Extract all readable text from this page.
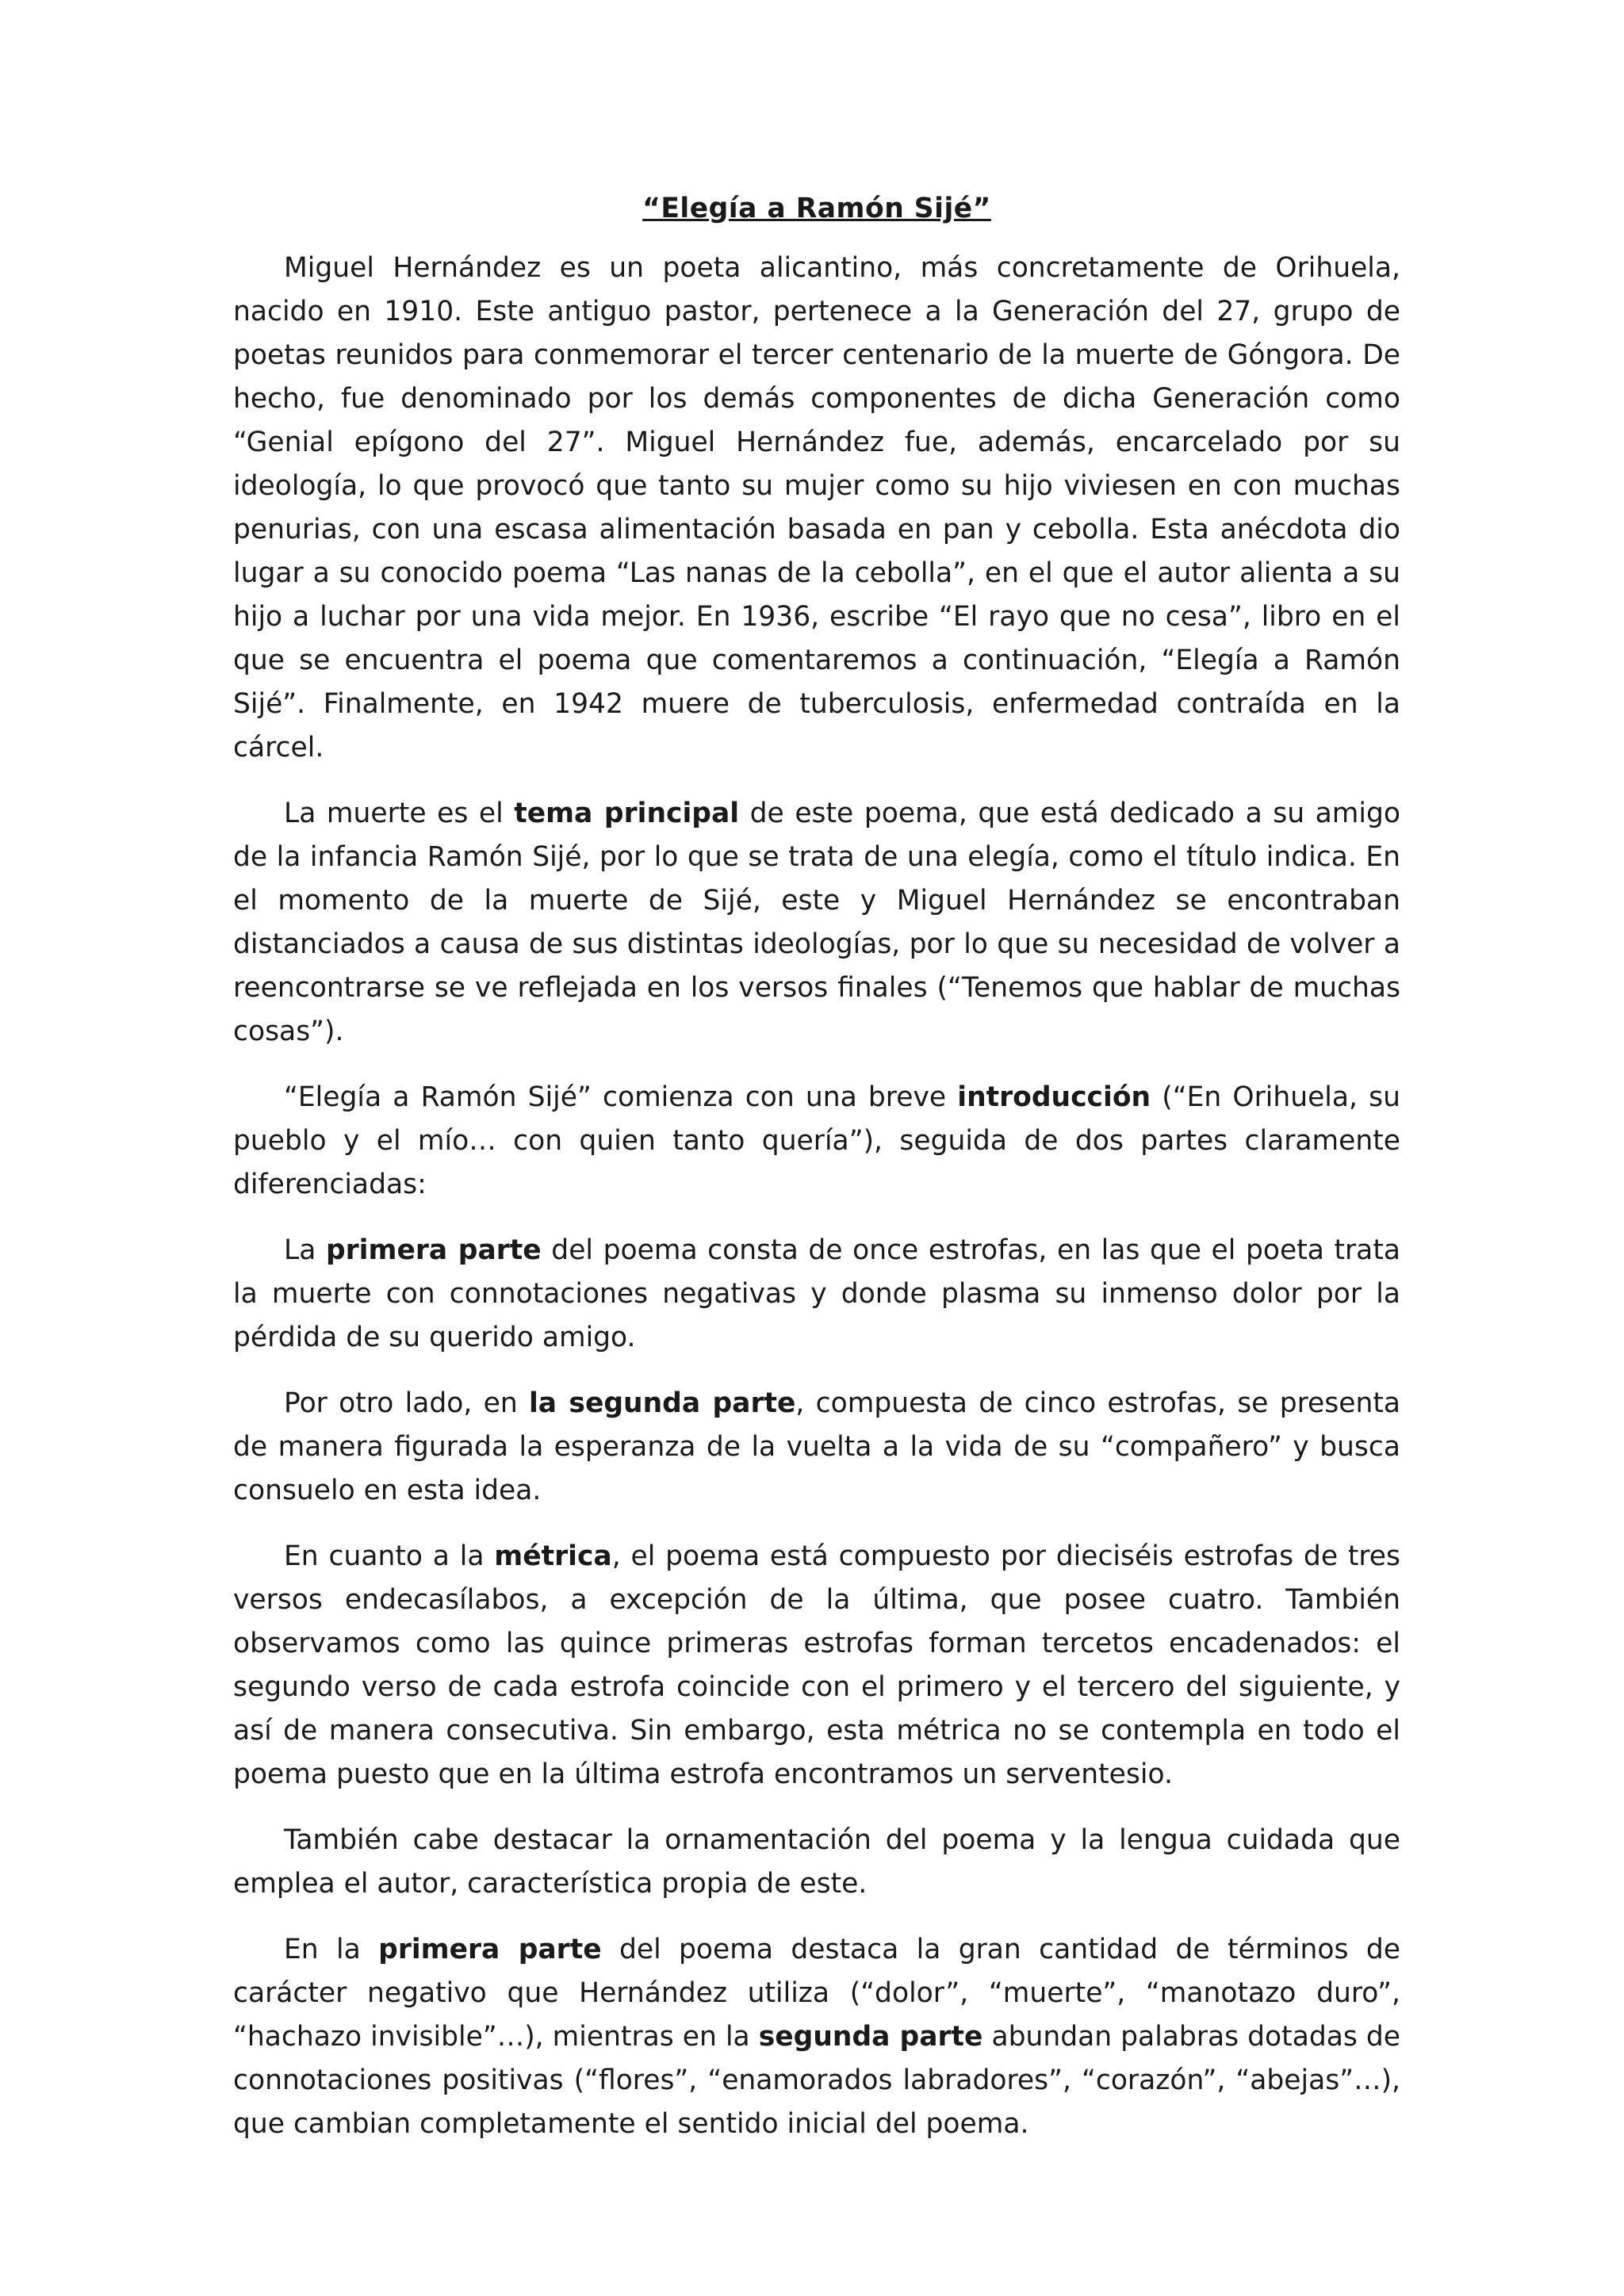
“Elegía a Ramón Sijé”

Miguel Hernández es un poeta alicantino, más concretamente de Orihuela, nacido en 1910. Este antiguo pastor, pertenece a la Generación del 27, grupo de poetas reunidos para conmemorar el tercer centenario de la muerte de Góngora. De hecho, fue denominado por los demás componentes de dicha Generación como “Genial epígono del 27”. Miguel Hernández fue, además, encarcelado por su ideología, lo que provocó que tanto su mujer como su hijo viviesen en con muchas penurias, con una escasa alimentación basada en pan y cebolla. Esta anécdota dio lugar a su conocido poema “Las nanas de la cebolla”, en el que el autor alienta a su hijo a luchar por una vida mejor. En 1936, escribe “El rayo que no cesa”, libro en el que se encuentra el poema que comentaremos a continuación, “Elegía a Ramón Sijé”. Finalmente, en 1942 muere de tuberculosis, enfermedad contraída en la cárcel.

La muerte es el tema principal de este poema, que está dedicado a su amigo de la infancia Ramón Sijé, por lo que se trata de una elegía, como el título indica. En el momento de la muerte de Sijé, este y Miguel Hernández se encontraban distanciados a causa de sus distintas ideologías, por lo que su necesidad de volver a reencontrarse se ve reflejada en los versos finales (“Tenemos que hablar de muchas cosas”).

“Elegía a Ramón Sijé” comienza con una breve introducción (“En Orihuela, su pueblo y el mío… con quien tanto quería”), seguida de dos partes claramente diferenciadas:

La primera parte del poema consta de once estrofas, en las que el poeta trata la muerte con connotaciones negativas y donde plasma su inmenso dolor por la pérdida de su querido amigo.

Por otro lado, en la segunda parte, compuesta de cinco estrofas, se presenta de manera figurada la esperanza de la vuelta a la vida de su “compañero” y busca consuelo en esta idea.

En cuanto a la métrica, el poema está compuesto por dieciséis estrofas de tres versos endecasílabos, a excepción de la última, que posee cuatro. También observamos como las quince primeras estrofas forman tercetos encadenados: el segundo verso de cada estrofa coincide con el primero y el tercero del siguiente, y así de manera consecutiva. Sin embargo, esta métrica no se contempla en todo el poema puesto que en la última estrofa encontramos un serventesio.

También cabe destacar la ornamentación del poema y la lengua cuidada que emplea el autor, característica propia de este.

En la primera parte del poema destaca la gran cantidad de términos de carácter negativo que Hernández utiliza (“dolor”, “muerte”, “manotazo duro”, “hachazo invisible”…), mientras en la segunda parte abundan palabras dotadas de connotaciones positivas (“flores”, “enamorados labradores”, “corazón”, “abejas”…), que cambian completamente el sentido inicial del poema.
